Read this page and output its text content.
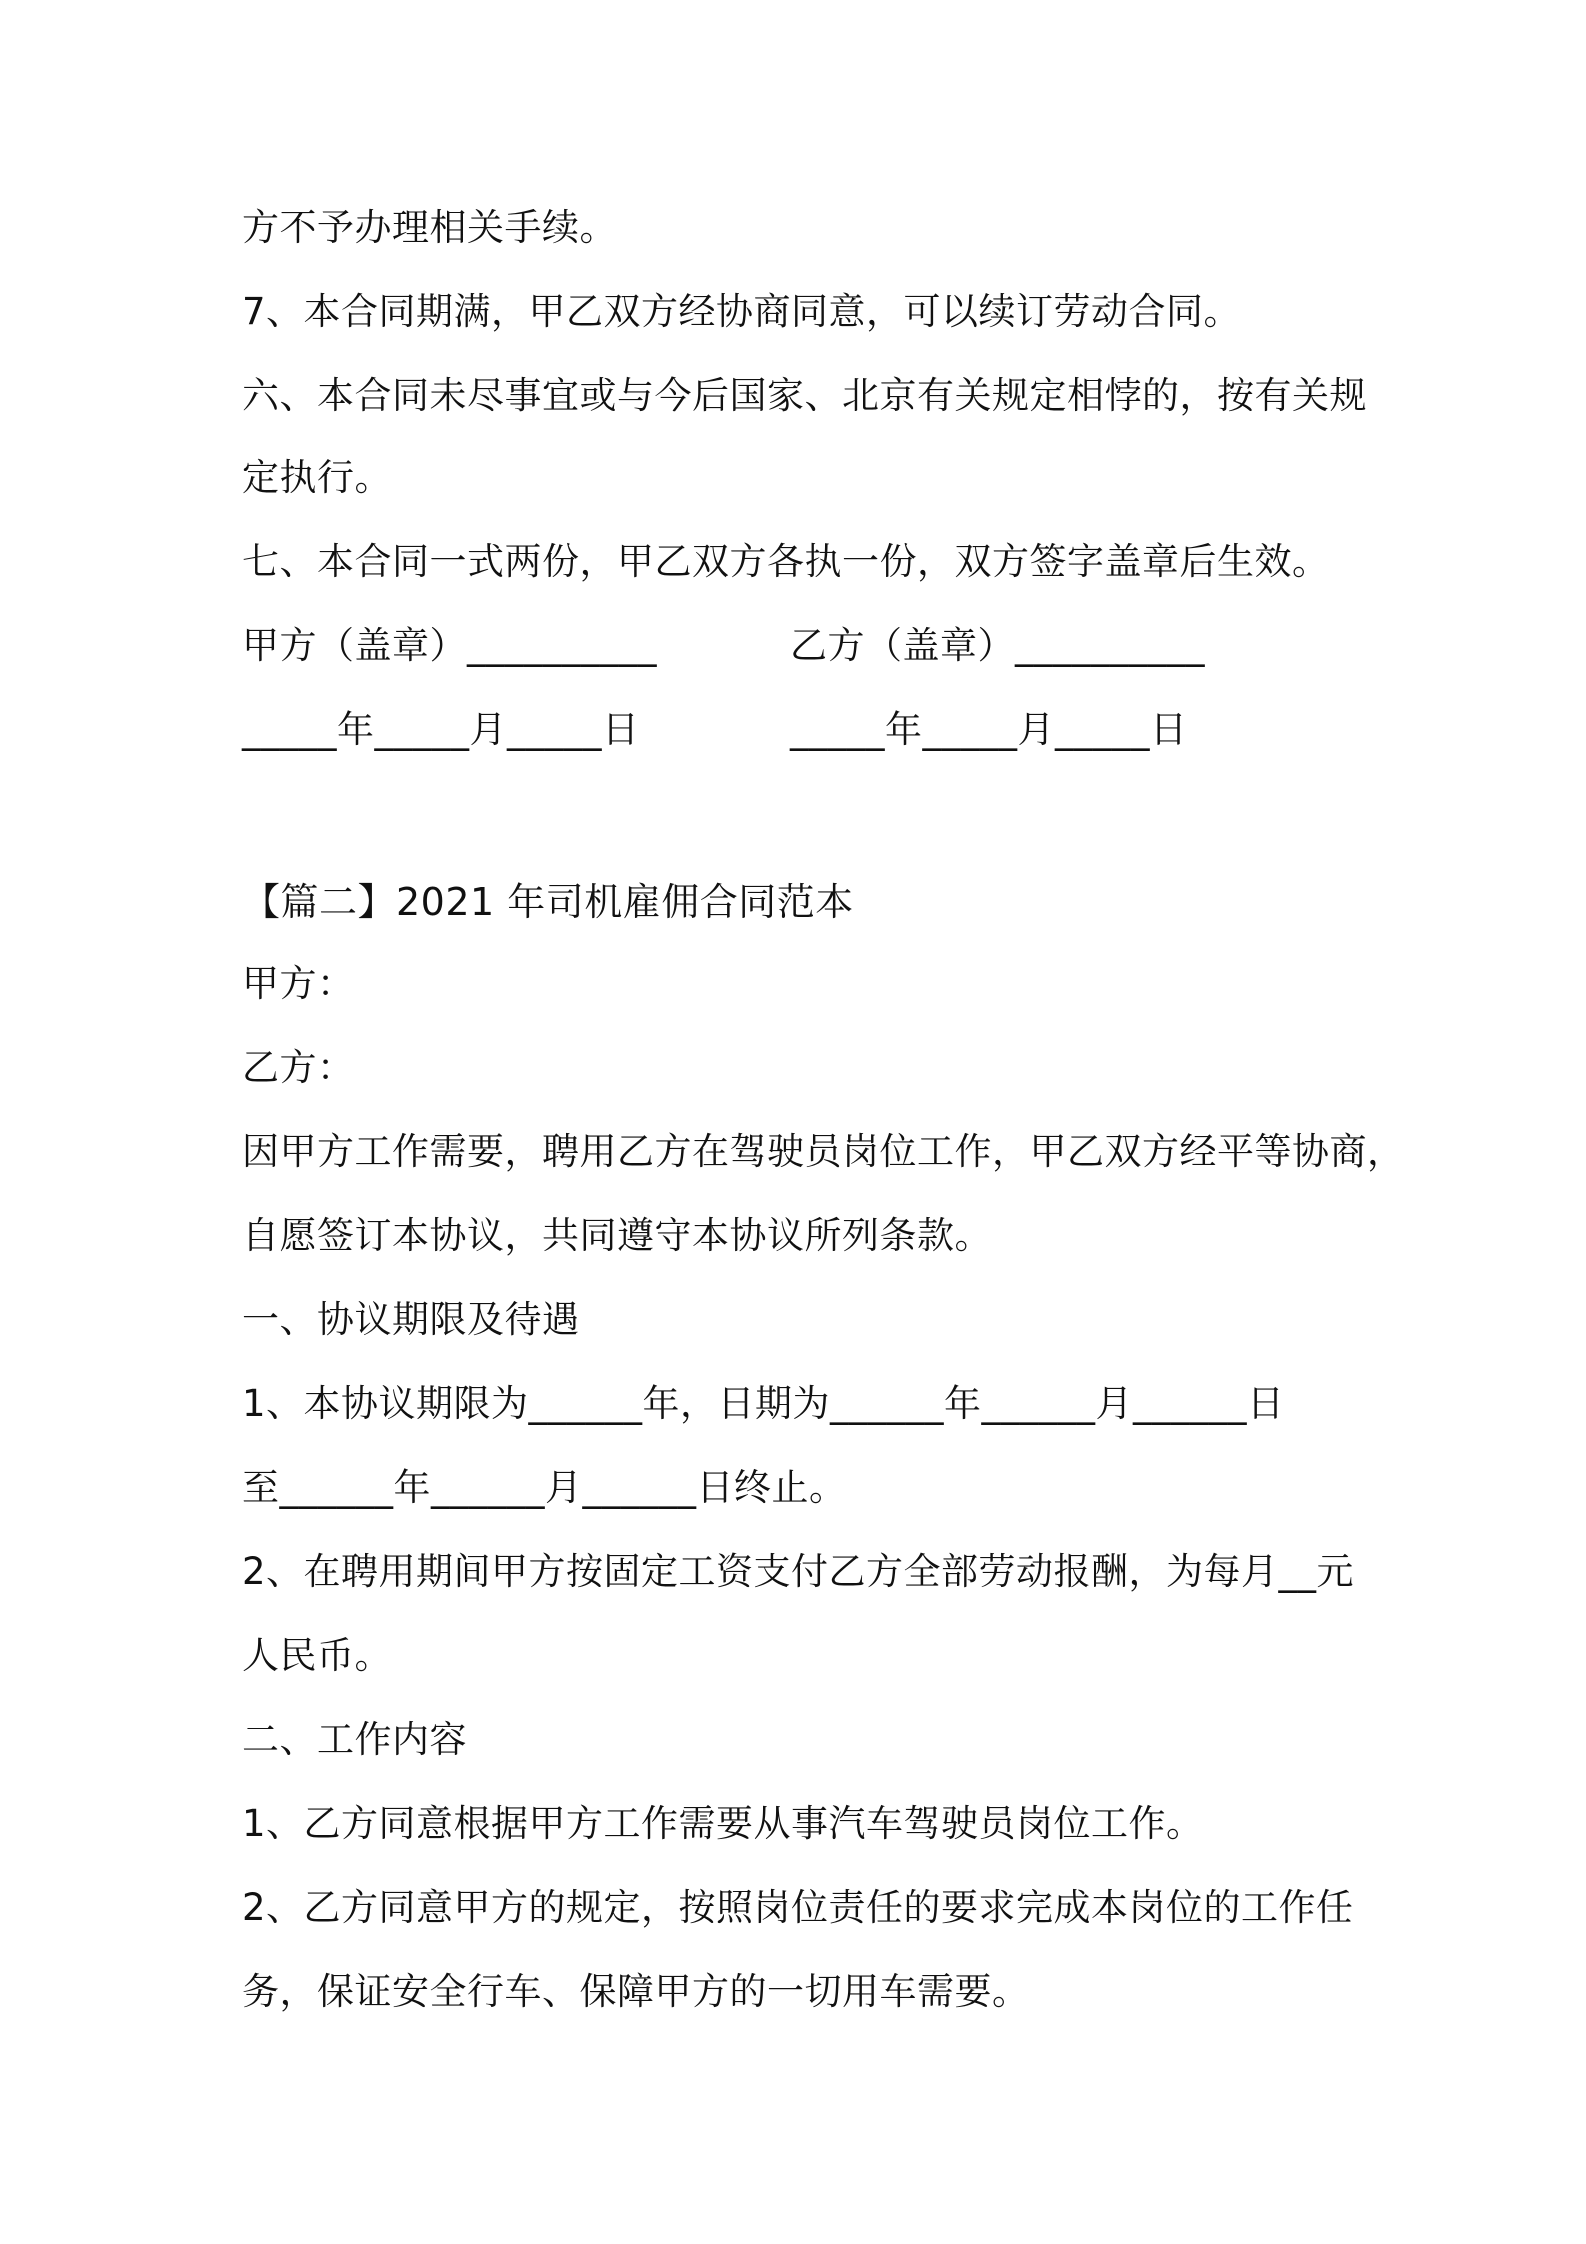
方不予办理相关手续。
7、本合同期满，甲乙双方经协商同意，可以续订劳动合同。
六、本合同未尽事宜或与今后国家、北京有关规定相悖的，按有关规
定执行。
七、本合同一式两份，甲乙双方各执一份，双方签字盖章后生效。
甲方（盖章）__________	乙方（盖章）__________
_____年_____月_____日	_____年_____月_____日
【篇二】2021 年司机雇佣合同范本
甲方：
乙方：
因甲方工作需要，聘用乙方在驾驶员岗位工作，甲乙双方经平等协商，
自愿签订本协议，共同遵守本协议所列条款。
一、协议期限及待遇
1、本协议期限为______年，日期为______年______月______日
至______年______月______日终止。
2、在聘用期间甲方按固定工资支付乙方全部劳动报酬，为每月__元
人民币。
二、工作内容
1、乙方同意根据甲方工作需要从事汽车驾驶员岗位工作。
2、乙方同意甲方的规定，按照岗位责任的要求完成本岗位的工作任
务，保证安全行车、保障甲方的一切用车需要。
